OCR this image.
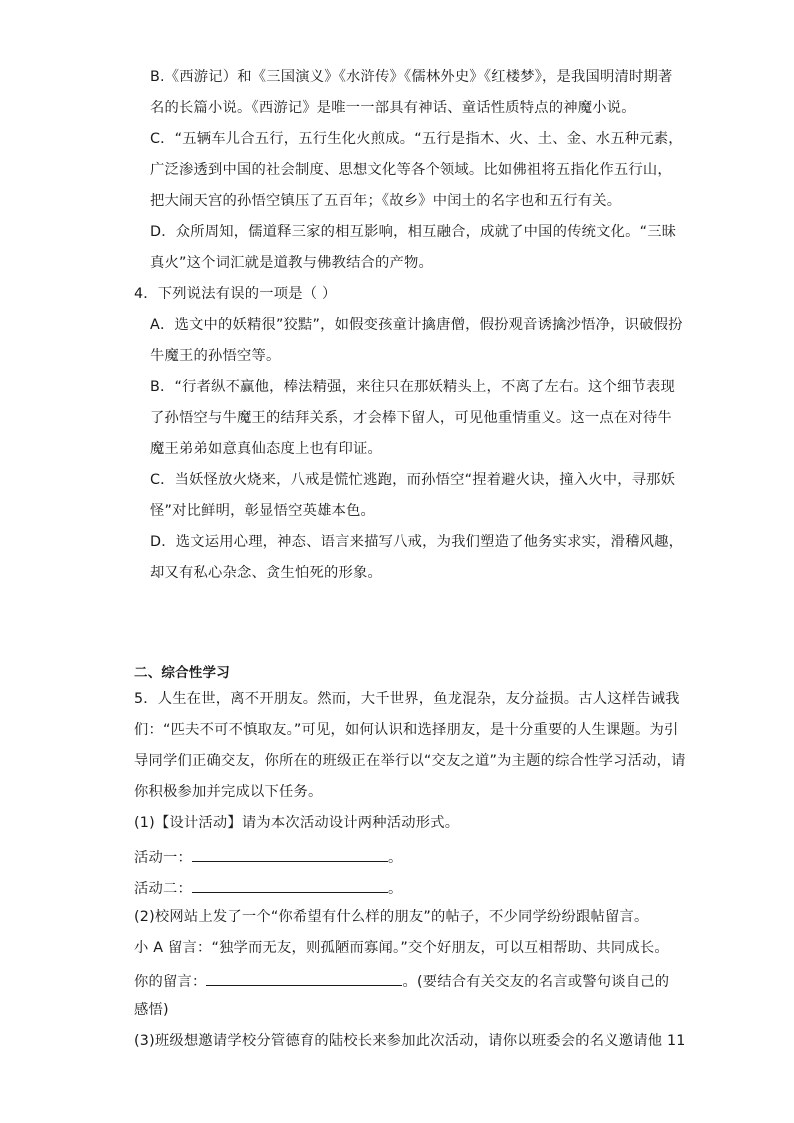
B.《西游记）和《三国演义》《水浒传》《儒林外史》《红楼梦》，是我国明清时期著
名的长篇小说。《西游记》是唯一一部具有神话、童话性质特点的神魔小说。
C．“五辆车儿合五行，五行生化火煎成。“五行是指木、火、土、金、水五种元素，
广泛渗透到中国的社会制度、思想文化等各个领域。比如佛祖将五指化作五行山，
把大闹天宫的孙悟空镇压了五百年；《故乡》中闰土的名字也和五行有关。
D．众所周知，儒道释三家的相互影响，相互融合，成就了中国的传统文化。“三昧
真火”这个词汇就是道教与佛教结合的产物。
4．下列说法有误的一项是（ ）
A．选文中的妖精很”狡黠”，如假变孩童计擒唐僧，假扮观音诱擒沙悟净，识破假扮
牛魔王的孙悟空等。
B．“行者纵不赢他，棒法精强，来往只在那妖精头上，不离了左右。这个细节表现
了孙悟空与牛魔王的结拜关系，才会棒下留人，可见他重情重义。这一点在对待牛
魔王弟弟如意真仙态度上也有印证。
C．当妖怪放火烧来，八戒是慌忙逃跑，而孙悟空“捏着避火诀，撞入火中，寻那妖
怪”对比鲜明，彰显悟空英雄本色。
D．选文运用心理，神态、语言来描写八戒，为我们塑造了他务实求实，滑稽风趣，
却又有私心杂念、贪生怕死的形象。
二、综合性学习
5．人生在世，离不开朋友。然而，大千世界，鱼龙混杂，友分益损。古人这样告诫我
们：“匹夫不可不慎取友。”可见，如何认识和选择朋友，是十分重要的人生课题。为引
导同学们正确交友，你所在的班级正在举行以“交友之道”为主题的综合性学习活动，请
你积极参加并完成以下任务。
(1)【设计活动】请为本次活动设计两种活动形式。
活动一：	。
活动二：	。
(2)校网站上发了一个“你希望有什么样的朋友”的帖子，不少同学纷纷跟帖留言。
小 A 留言：“独学而无友，则孤陋而寡闻。”交个好朋友，可以互相帮助、共同成长。
你的留言：	。(要结合有关交友的名言或警句谈自己的
感悟)
(3)班级想邀请学校分管德育的陆校长来参加此次活动，请你以班委会的名义邀请他 11
